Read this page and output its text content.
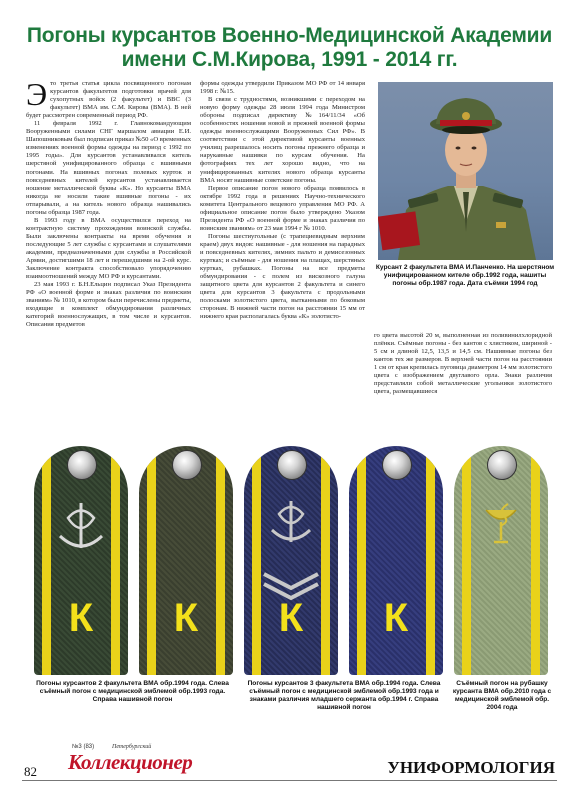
Погоны курсантов Военно-Медицинской Академии
имени С.М.Кирова, 1991 - 2014 гг.

Это третья статья цикла посвященного погонам курсантов факультетов подготовки врачей для сухопутных войск (2 факультет) и ВВС (3 факультет) ВМА им. С.М. Кирова (ВМА). В ней будет рассмотрен современный период РФ.

11 февраля 1992 г. Главнокомандующим Вооруженными силами СНГ маршалом авиации Е.И. Шапошниковым был подписан приказ №50 «О временных изменениях военной формы одежды на период с 1992 по 1995 годы». Для курсантов устанавливался китель шерстяной унифицированного образца с вшивными погонами. На вшивных погонах полевых курток и повседневных кителей курсантов устанавливается ношение металлической буквы «К». Но курсанты ВМА никогда не носили такие вшивные погоны - их отпарывали, а на китель нового образца нашивались погоны образца 1987 года.

В 1993 году в ВМА осуществился переход на контрактную систему прохождения воинской службы. Были заключены контракты на время обучения и последующие 5 лет службы с курсантами и слушателями академии, предназначенными для службы в Российской Армии, достигшими 18 лет и перешедшими на 2-ой курс. Заключение контракта способствовало упорядочению взаимоотношений между МО РФ и курсантами.

23 мая 1993 г. Б.Н.Ельцин подписал Указ Президента РФ «О военной форме и знаках различия по воинским званиям» № 1010, в котором были перечислены предметы, входящие в комплект обмундирования различных категорий военнослужащих, в том числе и курсантов. Описания предметов

формы одежды утвердили Приказом МО РФ от 14 января 1998 г. №15.

В связи с трудностями, возникшими с переходом на новую форму одежды 28 июля 1994 года Министром обороны подписал директиву №164/11/34 «Об особенностях ношения новой и прежней военной формы одежды военнослужащими Вооруженных Сил РФ». В соответствии с этой директивой курсанты военных училищ разрешалось носить погоны прежнего образца и нарукавные нашивки по курсам обучения. На фотографиях тех лет хорошо видно, что на унифицированных кителях нового образца курсанты ВМА носят нашивные советские погоны.

Первое описание погон нового образца появилось в октябре 1992 года в решениях Научно-технического комитета Центрального вещевого управления МО РФ. А официальное описание погон было утверждено Указом Президента РФ «О военной форме и знаках различия по воинским званиям» от 23 мая 1994 г № 1010.

Погоны шестиугольные (с трапециевидным верхним краем) двух видов: нашивные - для ношения на парадных и повседневных кителях, зимних пальто и демисезонных куртках; и съёмные - для ношения на плащах, шерстяных куртках, рубашках. Погоны на все предметы обмундирования - с полем из вискозного галуна защитного цвета для курсантов 2 факультета и синего цвета для курсантов 3 факультета с продольными полосками золотистого цвета, вытканными по боковым сторонам. В нижней части погон на расстоянии 15 мм от нижнего края располагалась буква «К» золотисто-

го цвета высотой 20 м, выполненная из поливинилхлоридной плёнки. Съёмные погоны - без кантов с хлястиком, шириной - 5 см и длиной 12,5, 13,5 и 14,5 см. Нашивные погоны без кантов тех же размеров. В верхней части погон на расстоянии 1 см от края крепилась пуговица диаметром 14 мм золотистого цвета с изображением двуглавого орла. Знаки различия представляли собой металлические угольники золотистого цвета, размещавшиеся

Курсант 2 факультета ВМА И.Панченко. На шерстяном унифицированном кителе обр.1992 года, нашиты погоны обр.1987 года. Дата съёмки 1994 год
К	К	К	К
Погоны курсантов 2 факультета ВМА обр.1994 года. Слева съёмный погон с медицинской эмблемой обр.1993 года. Справа нашивной погон
Погоны курсантов 3 факультета ВМА обр.1994 года. Слева съёмный погон с медицинской эмблемой обр.1993 года и знаками различия младшего сержанта обр.1994 г. Справа нашивной погон
Съёмный погон на рубашку курсанта ВМА обр.2010 года с медицинской эмблемой обр. 2004 года
82
№3 (83)	Петербургский
Коллекционер	УНИФОРМОЛОГИЯ
